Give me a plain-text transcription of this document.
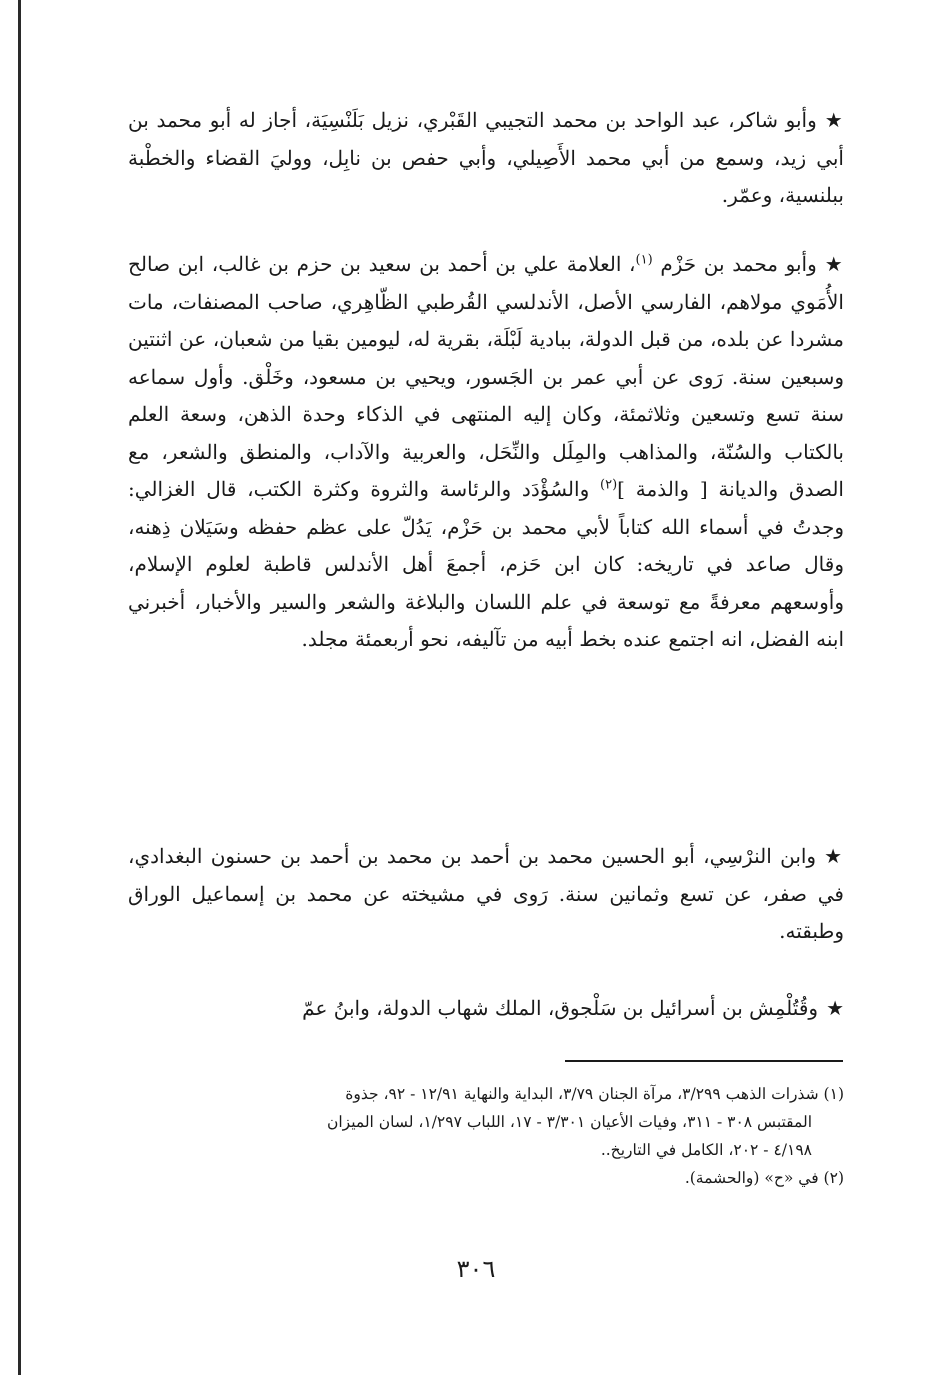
★وأبو شاكر، عبد الواحد بن محمد التجيبي القَبْري، نزيل بَلَنْسِيَة، أجاز له أبو محمد بن أبي زيد، وسمع من أبي محمد الأَصِيلي، وأبي حفص بن نابِل، ووليَ القضاء والخطْبة ببلنسية، وعمّر.

★وأبو محمد بن حَزْم $^{(١)}$، العلامة علي بن أحمد بن سعيد بن حزم بن غالب، ابن صالح الأُمَوي مولاهم، الفارسي الأصل، الأندلسي القُرطبي الظّاهِري، صاحب المصنفات، مات مشردا عن بلده، من قبل الدولة، ببادية لَبْلَة، بقرية له، ليومين بقيا من شعبان، عن اثنتين وسبعين سنة. رَوى عن أبي عمر بن الجَسور، ويحيي بن مسعود، وخَلْق. وأول سماعه سنة تسع وتسعين وثلاثمئة، وكان إليه المنتهى في الذكاء وحدة الذهن، وسعة العلم بالكتاب والسُنّة، والمذاهب والمِلَل والنِّحَل، والعربية والآداب، والمنطق والشعر، مع الصدق والديانة [ والذمة ]$^{(٢)}$ والسُؤْدَد والرئاسة والثروة وكثرة الكتب، قال الغزالي: وجدتُ في أسماء الله كتاباً لأبي محمد بن حَزْم، يَدُلّ على عظم حفظه وسَيَلان ذِهنه، وقال صاعد في تاريخه: كان ابن حَزم، أجمعَ أهل الأندلس قاطبة لعلوم الإسلام، وأوسعهم معرفةً مع توسعة في علم اللسان والبلاغة والشعر والسير والأخبار، أخبرني ابنه الفضل، انه اجتمع عنده بخط أبيه من تآليفه، نحو أربعمئة مجلد.

★وابن النرْسِي، أبو الحسين محمد بن أحمد بن محمد بن أحمد بن حسنون البغدادي، في صفر، عن تسع وثمانين سنة. رَوى في مشيخته عن محمد بن إسماعيل الوراق وطبقته.

★وقُتُلْمِش بن أسرائيل بن سَلْجوق، الملك شهاب الدولة، وابنُ عمّ

(١) شذرات الذهب ٣/٢٩٩، مرآة الجنان ٣/٧٩، البداية والنهاية ١٢/٩١ - ٩٢، جذوة
المقتبس ٣٠٨ - ٣١١، وفيات الأعيان ٣/٣٠١ - ١٧، اللباب ١/٢٩٧، لسان الميزان
٤/١٩٨ - ٢٠٢، الكامل في التاريخ..

(٢) في «ح» (والحشمة).

٣٠٦
